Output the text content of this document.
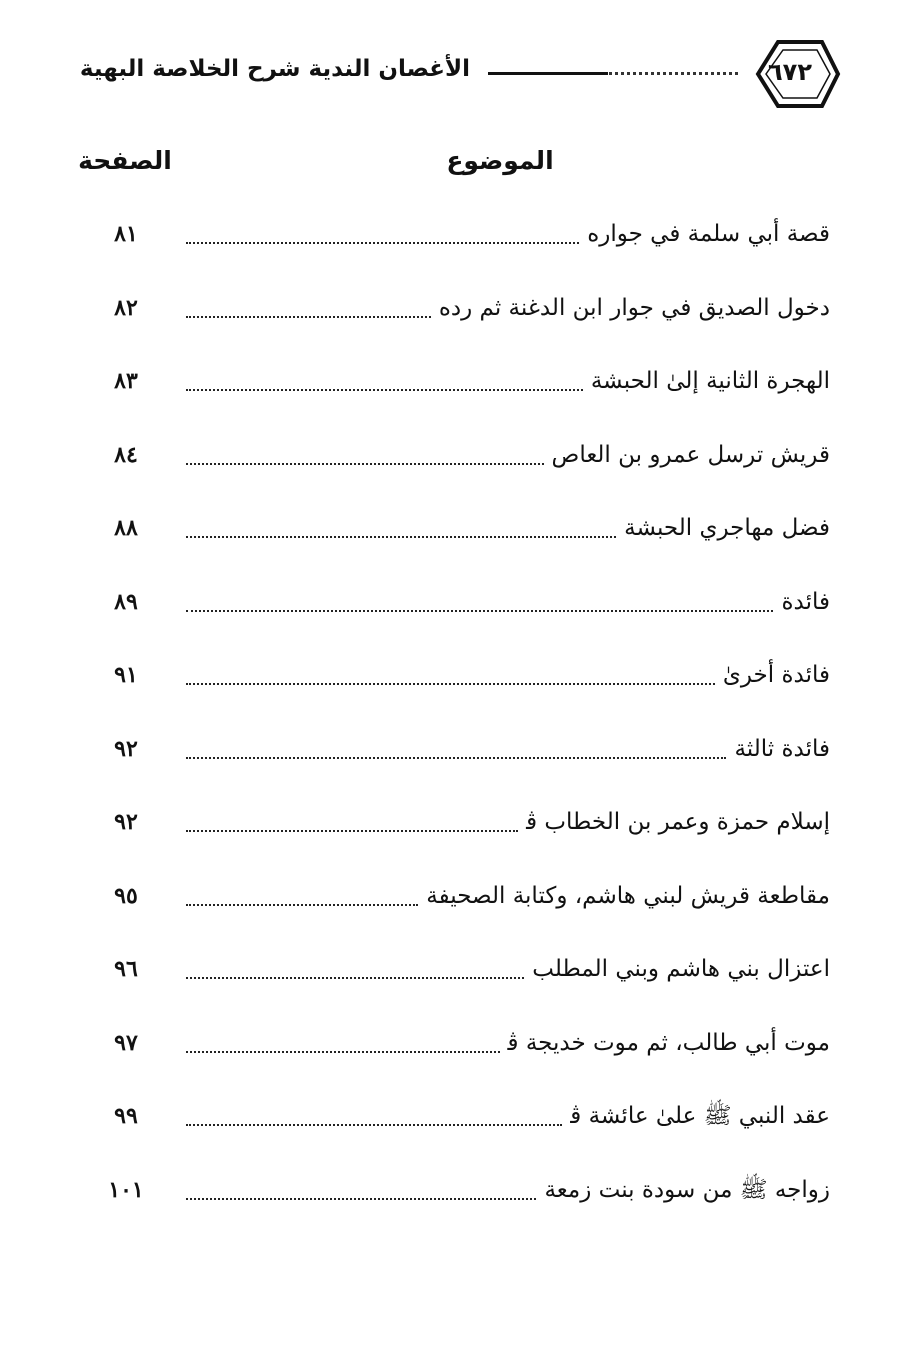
الأغصان الندية شرح الخلاصة البهية	٦٧٢
الموضوع
الصفحة
قصة أبي سلمة في جواره
٨١
دخول الصديق في جوار ابن الدغنة ثم رده
٨٢
الهجرة الثانية إلىٰ الحبشة
٨٣
قريش ترسل عمرو بن العاص
٨٤
فضل مهاجري الحبشة
٨٨
فائدة
٨٩
فائدة أخرىٰ
٩١
فائدة ثالثة
٩٢
إسلام حمزة وعمر بن الخطاب ﭬ
٩٢
مقاطعة قريش لبني هاشم، وكتابة الصحيفة
٩٥
اعتزال بني هاشم وبني المطلب
٩٦
موت أبي طالب، ثم موت خديجة ﭬ
٩٧
عقد النبي ﷺ علىٰ عائشة ﭬ
٩٩
زواجه ﷺ من سودة بنت زمعة
١٠١
